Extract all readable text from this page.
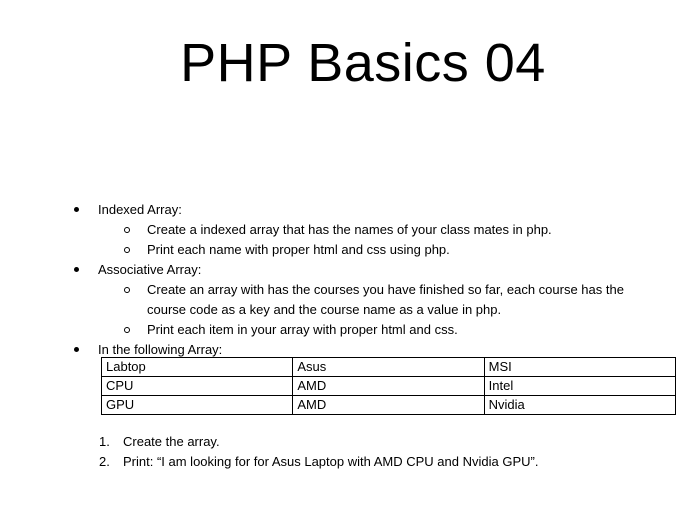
PHP Basics 04
Indexed Array:
Create a indexed array that has the names of your class mates in php.
Print each name with proper html and css using php.
Associative Array:
Create an array with has the courses you have finished so far, each course has the course code as a key and the course name as a value in php.
Print each item in your array with proper html and css.
In the following Array:
Labtop	Asus	MSI
CPU	AMD	Intel
GPU	AMD	Nvidia
1. Create the array.
2. Print: “I am looking for for Asus Laptop with AMD CPU and Nvidia GPU”.
